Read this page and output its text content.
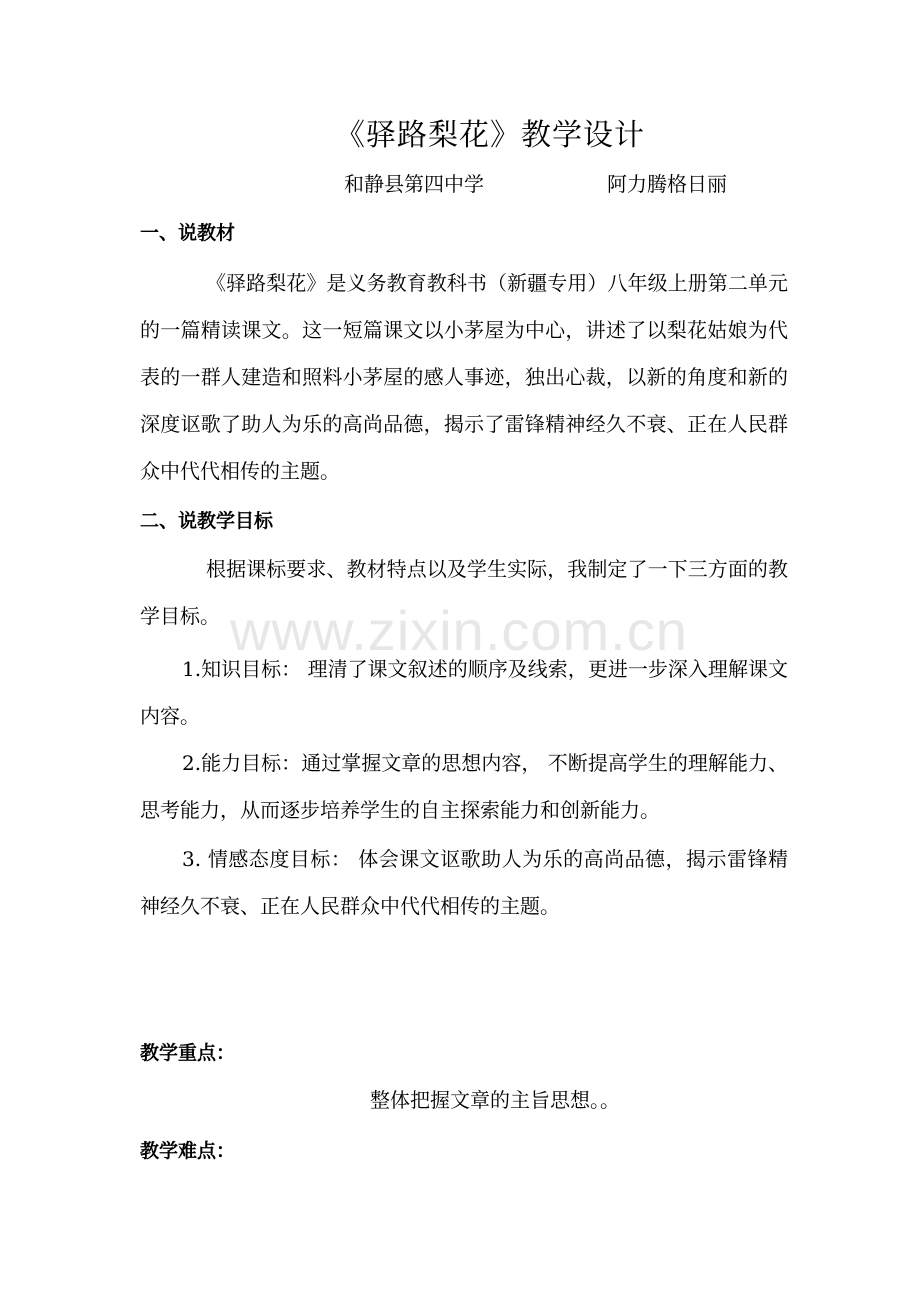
《驿路梨花》教学设计
和静县第四中学	阿力腾格日丽
一、说教材

《驿路梨花》是义务教育教科书（新疆专用）八年级上册第二单元的一篇精读课文。这一短篇课文以小茅屋为中心，讲述了以梨花姑娘为代表的一群人建造和照料小茅屋的感人事迹，独出心裁，以新的角度和新的深度讴歌了助人为乐的高尚品德，揭示了雷锋精神经久不衰、正在人民群众中代代相传的主题。

二、说教学目标

根据课标要求、教材特点以及学生实际，我制定了一下三方面的教学目标。

1.知识目标： 理清了课文叙述的顺序及线索，更进一步深入理解课文内容。

2.能力目标：通过掌握文章的思想内容， 不断提高学生的理解能力、思考能力，从而逐步培养学生的自主探索能力和创新能力。

3. 情感态度目标： 体会课文讴歌助人为乐的高尚品德，揭示雷锋精神经久不衰、正在人民群众中代代相传的主题。

教学重点：
整体把握文章的主旨思想。。
教学难点：
www.zixin.com.cn
